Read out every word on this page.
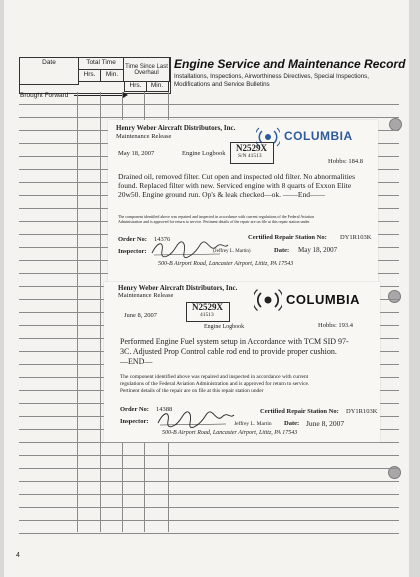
Date	Total Time
Time Since Last Overhaul
Hrs.	Min.
Hrs.	Min.
Engine Service and Maintenance Record
Installations, Inspections, Airworthiness Directives, Special Inspections, Modifications and Service Bulletins
Brought Forward
Henry Weber Aircraft Distributors, Inc.
Maintenance Release	COLUMBIA
May 18, 2007	Engine Logbook
N2529X
S/N 41513
Hobbs: 184.8
Drained oil, removed filter. Cut open and inspected old filter. No abnormalities
found. Replaced filter with new. Serviced engine with 8 quarts of Exxon Elite
20w50. Engine ground run. Op's & leak checked—ok. ——End——
The component identified above was repaired and inspected in accordance with current regulations of the Federal Aviation
Administration and is approved for return to service. Pertinent details of the repair are on file at this repair station under
Order No: 14376	Certified Repair Station No: DY1R103K
Inspector:	(Jeffrey L. Martin)	Date: May 18, 2007
500-B Airport Road, Lancaster Airport, Lititz, PA 17543
Henry Weber Aircraft Distributors, Inc.
Maintenance Release	COLUMBIA
June 8, 2007
N2529X
41513
Engine Logbook	Hobbs: 193.4
Performed Engine Fuel system setup in Accordance with TCM SID 97-
3C. Adjusted Prop Control cable rod end to provide proper cushion.
—END—
The component identified above was repaired and inspected in accordance with current
regulations of the Federal Aviation Administration and is approved for return to service.
Pertinent details of the repair are on file at this repair station under
Order No: 14388	Certified Repair Station No: DY1R103K
Inspector:	Jeffrey L. Martin Date: June 8, 2007
500-B Airport Road, Lancaster Airport, Lititz, PA 17543
4
